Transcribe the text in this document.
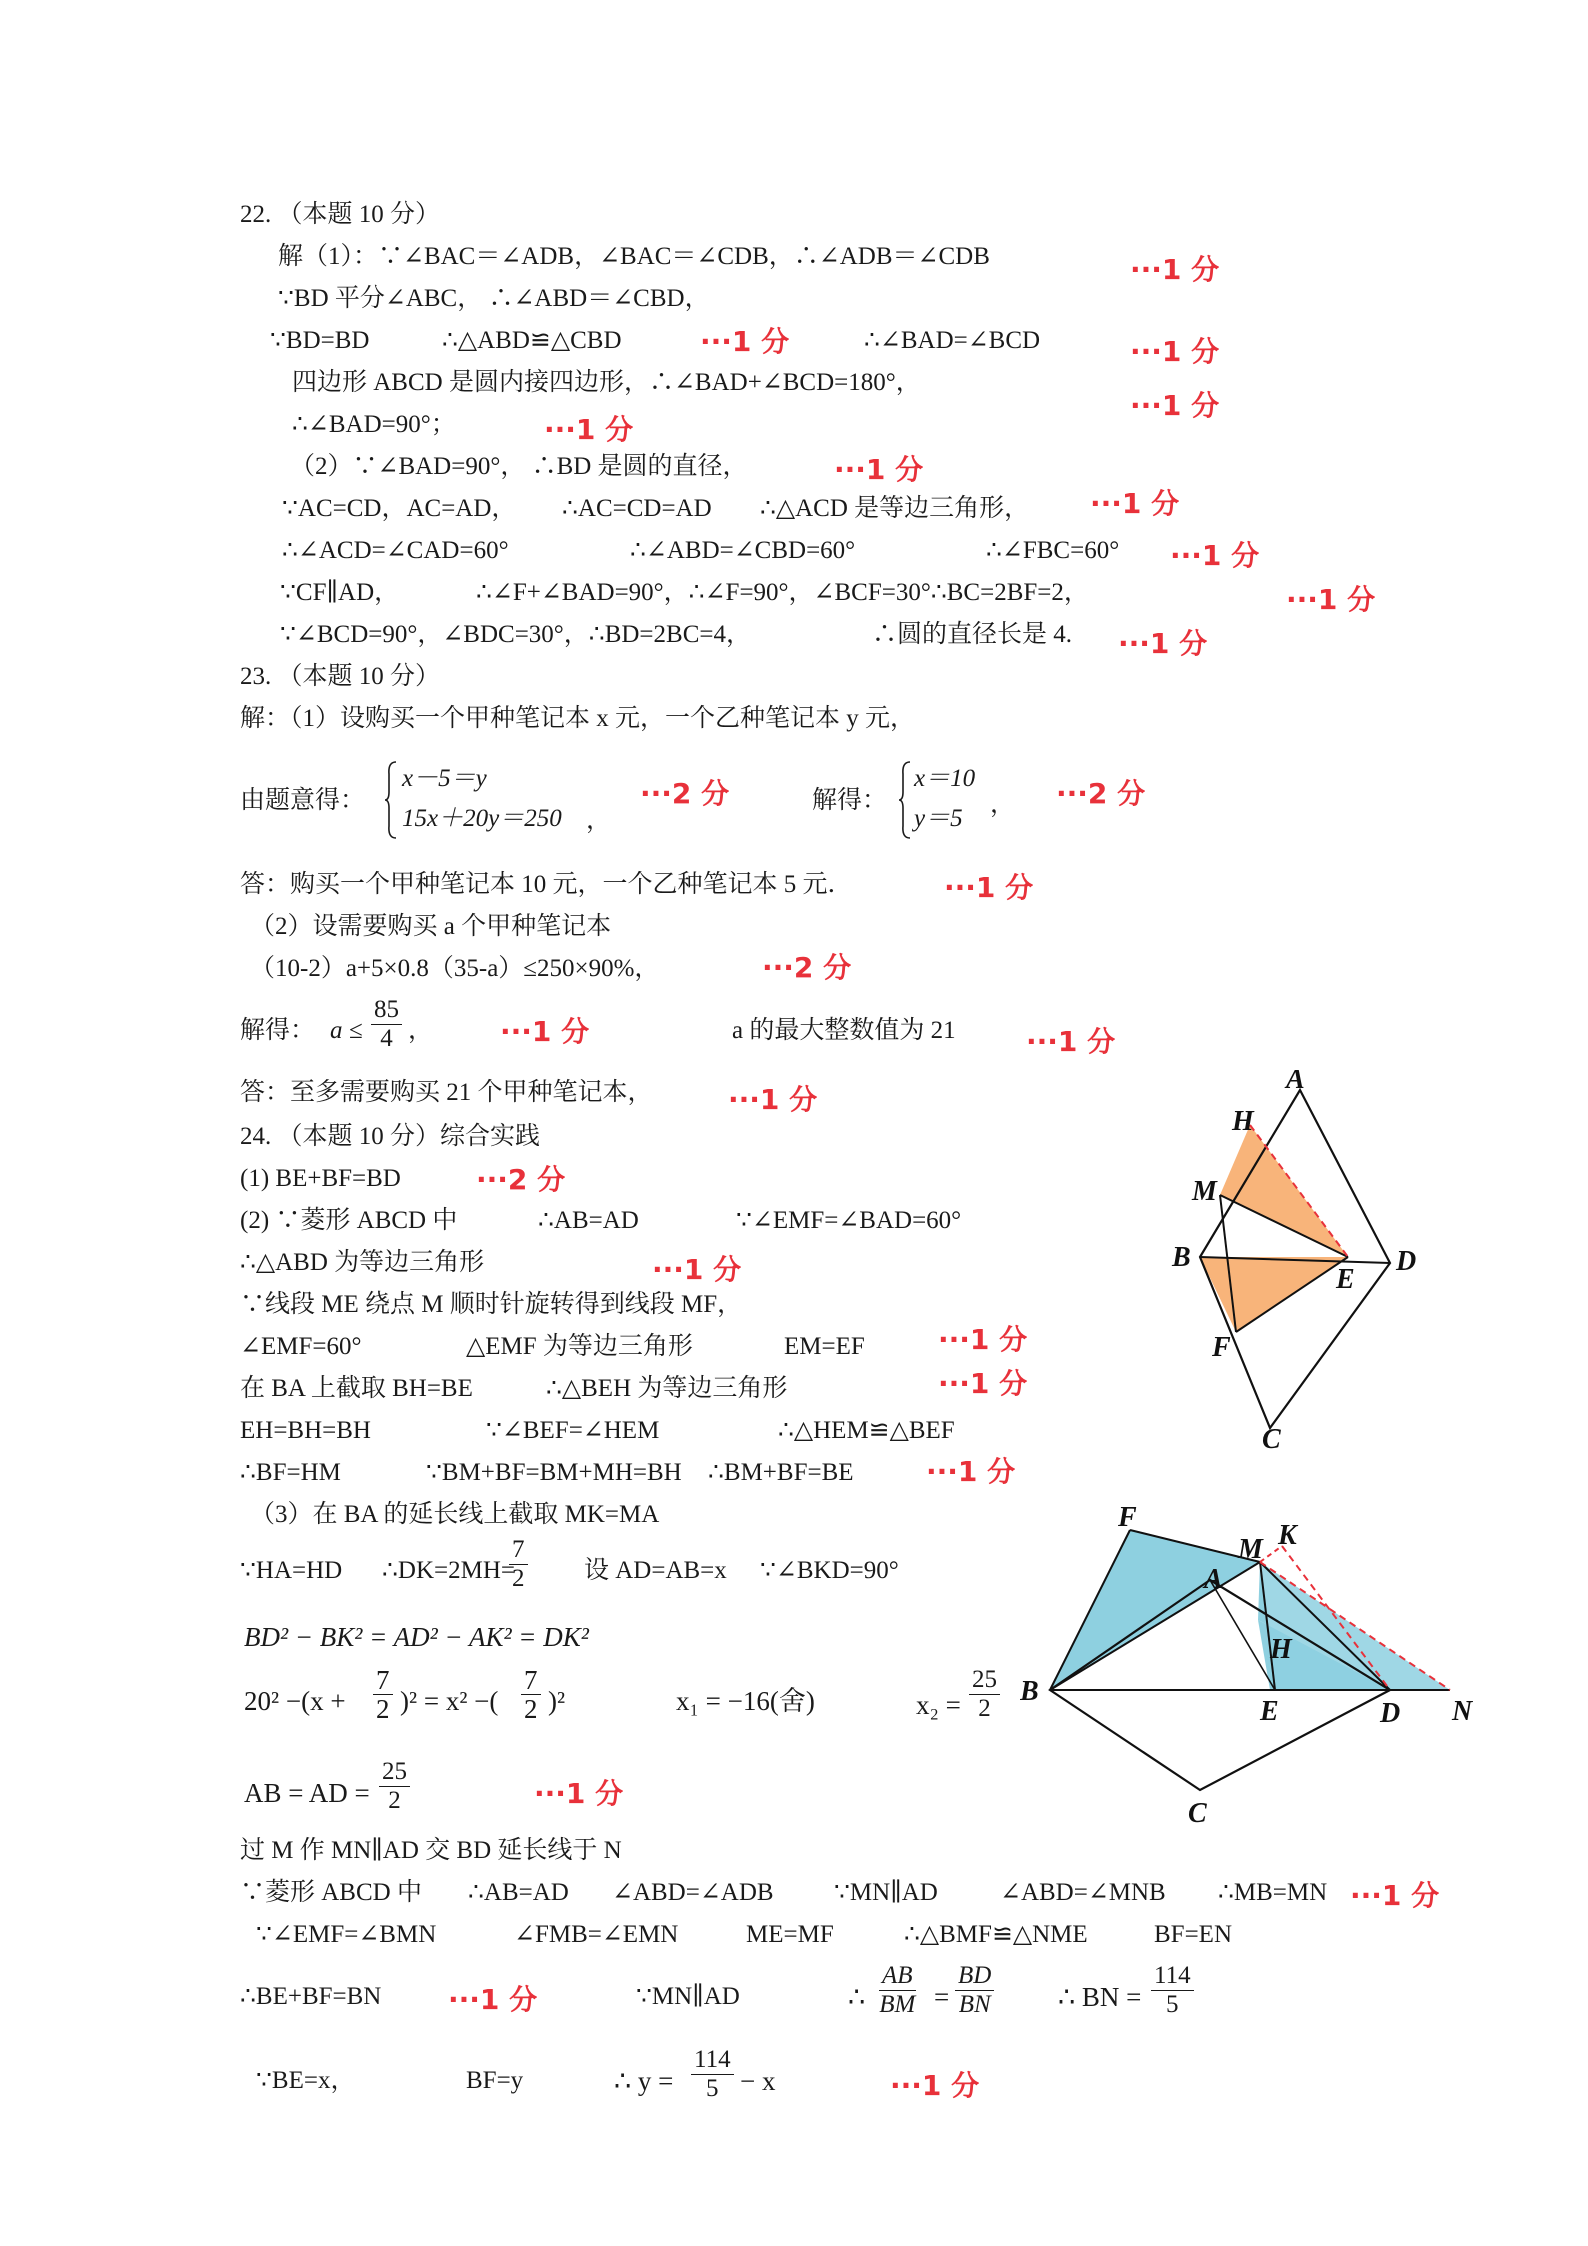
22. （本题 10 分）
解（1）：∵∠BAC＝∠ADB，∠BAC＝∠CDB，∴∠ADB＝∠CDB	···1 分
∵BD 平分∠ABC， ∴∠ABD＝∠CBD，
∵BD=BD	∴△ABD≌△CBD	···1 分	∴∠BAD=∠BCD	···1 分
四边形 ABCD 是圆内接四边形，∴∠BAD+∠BCD=180°，
···1 分
∴∠BAD=90°；	···1 分
（2）∵∠BAD=90°， ∴BD 是圆的直径，	···1 分
∵AC=CD，AC=AD， ∴AC=CD=AD ∴△ACD 是等边三角形， ···1 分
∴∠ACD=∠CAD=60°	∴∠ABD=∠CBD=60°	∴∠FBC=60° ···1 分
∵CF∥AD，	∴∠F+∠BAD=90°，∴∠F=90°，∠BCF=30°∴BC=2BF=2，	···1 分
∵∠BCD=90°，∠BDC=30°，∴BD=2BC=4，	∴圆的直径长是 4. ···1 分
23. （本题 10 分）
解：（1）设购买一个甲种笔记本 x 元，一个乙种笔记本 y 元，
由题意得：
x－5＝y
15x＋20y＝250 ，
···2 分	解得：
x＝10
y＝5
， ···2 分
答：购买一个甲种笔记本 10 元，一个乙种笔记本 5 元．	···1 分
（2）设需要购买 a 个甲种笔记本
（10-2）a+5×0.8（35-a）≤250×90%，	···2 分
解得： $a \le \frac{85}{4}$ ， ···1 分	a 的最大整数值为 21	···1 分
答：至多需要购买 21 个甲种笔记本，	···1 分
24. （本题 10 分）综合实践
(1) BE+BF=BD	···2 分
(2) ∵菱形 ABCD 中	∴AB=AD	∵∠EMF=∠BAD=60°
∴△ABD 为等边三角形	···1 分
∵线段 ME 绕点 M 顺时针旋转得到线段 MF，
∠EMF=60°	△EMF 为等边三角形	EM=EF	···1 分
在 BA 上截取 BH=BE	∴△BEH 为等边三角形	···1 分
EH=BH=BH	∵∠BEF=∠HEM	∴△HEM≌△BEF
∴BF=HM	∵BM+BF=BM+MH=BH ∴BM+BF=BE	···1 分
（3）在 BA 的延长线上截取 MK=MA
∵HA=HD ∴DK=2MH=
$\frac{7}{2}$ 设 AD=AB=x ∵∠BKD=90°
BD² − BK² = AD² − AK² = DK²
$20^2 -(x + \frac{7}{2} )^2 = x^2$ −( $\frac{7}{2} )^2$	x₁ = −16(舍)	$x_2 = \frac{25}{2}$
AB = AD = $\frac{25}{2}$	···1 分
过 M 作 MN∥AD 交 BD 延长线于 N
∵菱形 ABCD 中 ∴AB=AD ∠ABD=∠ADB ∵MN∥AD ∠ABD=∠MNB ∴MB=MN ···1 分
∵∠EMF=∠BMN	∠FMB=∠EMN	ME=MF	∴△BMF≌△NME	BF=EN
∴BE+BF=BN ···1 分	∵MN∥AD	∴ $\frac{AB}{BM} = \frac{BD}{BN}$ ∴ BN = $\frac{114}{5}$
∵BE=x，	BF=y	∴ $y = \frac{114}{5} - x$	···1 分
A
H
M
B
E
D
F
C
F
M K
A
H
B
E	D N
C
